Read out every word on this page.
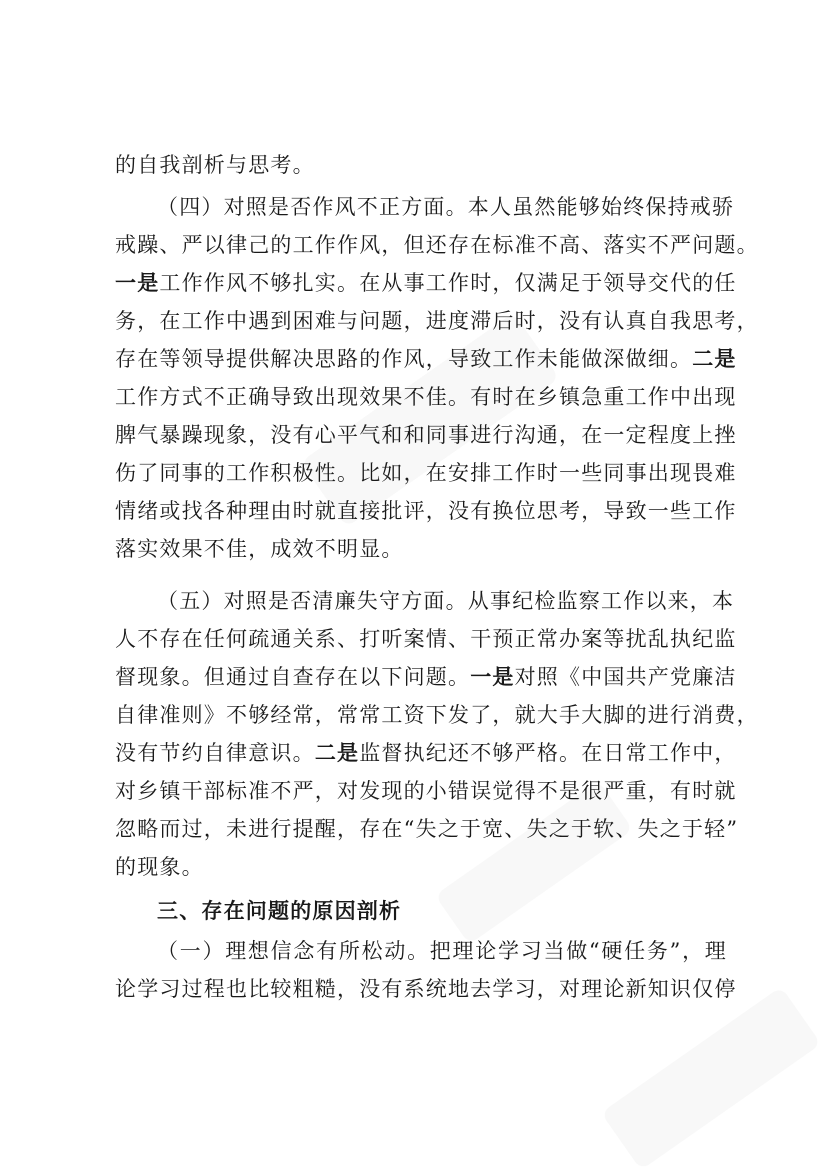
的自我剖析与思考。
（四）对照是否作风不正方面。本人虽然能够始终保持戒骄
戒躁、严以律己的工作作风，但还存在标准不高、落实不严问题。
一是工作作风不够扎实。在从事工作时，仅满足于领导交代的任
务，在工作中遇到困难与问题，进度滞后时，没有认真自我思考，
存在等领导提供解决思路的作风，导致工作未能做深做细。二是
工作方式不正确导致出现效果不佳。有时在乡镇急重工作中出现
脾气暴躁现象，没有心平气和和同事进行沟通，在一定程度上挫
伤了同事的工作积极性。比如，在安排工作时一些同事出现畏难
情绪或找各种理由时就直接批评，没有换位思考，导致一些工作
落实效果不佳，成效不明显。
（五）对照是否清廉失守方面。从事纪检监察工作以来，本
人不存在任何疏通关系、打听案情、干预正常办案等扰乱执纪监
督现象。但通过自查存在以下问题。一是对照《中国共产党廉洁
自律准则》不够经常，常常工资下发了，就大手大脚的进行消费，
没有节约自律意识。二是监督执纪还不够严格。在日常工作中，
对乡镇干部标准不严，对发现的小错误觉得不是很严重，有时就
忽略而过，未进行提醒，存在“失之于宽、失之于软、失之于轻”
的现象。
三、存在问题的原因剖析
（一）理想信念有所松动。把理论学习当做“硬任务”，理
论学习过程也比较粗糙，没有系统地去学习，对理论新知识仅停
